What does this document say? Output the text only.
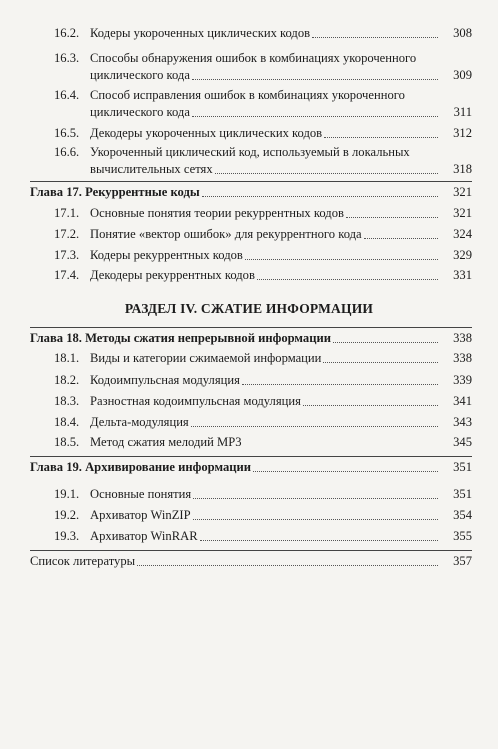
16.2. Кодеры укороченных циклических кодов	308
16.3. Способы обнаружения ошибок в комбинациях укороченного
циклического кода	309
16.4. Способ исправления ошибок в комбинациях укороченного
циклического кода	311
16.5. Декодеры укороченных циклических кодов	312
16.6. Укороченный циклический код, используемый в локальных
вычислительных сетях	318
Глава 17. Рекуррентные коды	321
17.1. Основные понятия теории рекуррентных кодов	321
17.2. Понятие «вектор ошибок» для рекуррентного кода	324
17.3. Кодеры рекуррентных кодов	329
17.4. Декодеры рекуррентных кодов	331
РАЗДЕЛ IV. СЖАТИЕ ИНФОРМАЦИИ
Глава 18. Методы сжатия непрерывной информации	338
18.1. Виды и категории сжимаемой информации	338
18.2. Кодоимпульсная модуляция	339
18.3. Разностная кодоимпульсная модуляция	341
18.4. Дельта-модуляция	343
18.5. Метод сжатия мелодий MP3	345
Глава 19. Архивирование информации	351
19.1. Основные понятия	351
19.2. Архиватор WinZIP	354
19.3. Архиватор WinRAR	355
Список литературы	357
